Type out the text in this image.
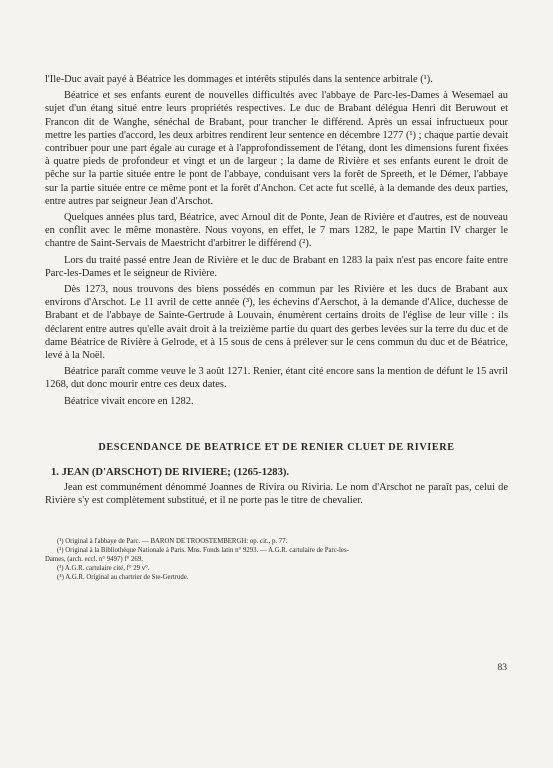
l'Ile-Duc avait payé à Béatrice les dommages et intérêts stipulés dans la sentence arbitrale (¹).

Béatrice et ses enfants eurent de nouvelles difficultés avec l'abbaye de Parc-les-Dames à Wesemael au sujet d'un étang situé entre leurs propriétés respectives. Le duc de Brabant délégua Henri dit Beruwout et Francon dit de Wanghe, sénéchal de Brabant, pour trancher le différend. Après un essai infructueux pour mettre les parties d'accord, les deux arbitres rendirent leur sentence en décembre 1277 (¹) ; chaque partie devait contribuer pour une part égale au curage et à l'approfondissement de l'étang, dont les dimensions furent fixées à quatre pieds de profondeur et vingt et un de largeur ; la dame de Rivière et ses enfants eurent le droit de pêche sur la partie située entre le pont de l'abbaye, conduisant vers la forêt de Spreeth, et le Démer, l'abbaye sur la partie située entre ce même pont et la forêt d'Anchon. Cet acte fut scellé, à la demande des deux parties, entre autres par seigneur Jean d'Arschot.

Quelques années plus tard, Béatrice, avec Arnoul dit de Ponte, Jean de Rivière et d'autres, est de nouveau en conflit avec le même monastère. Nous voyons, en effet, le 7 mars 1282, le pape Martin IV charger le chantre de Saint-Servais de Maestricht d'arbitrer le différend (²).

Lors du traité passé entre Jean de Rivière et le duc de Brabant en 1283 la paix n'est pas encore faite entre Parc-les-Dames et le seigneur de Rivière.

Dès 1273, nous trouvons des biens possédés en commun par les Rivière et les ducs de Brabant aux environs d'Arschot. Le 11 avril de cette année (³), les échevins d'Aerschot, à la demande d'Alice, duchesse de Brabant et de l'abbaye de Sainte-Gertrude à Louvain, énumèrent certains droits de l'église de leur ville : ils déclarent entre autres qu'elle avait droit à la treizième partie du quart des gerbes levées sur la terre du duc et de dame Béatrice de Rivière à Gelrode, et à 15 sous de cens à prélever sur le cens commun du duc et de Béatrice, levé à la Noël.

Béatrice paraît comme veuve le 3 août 1271. Renier, étant cité encore sans la mention de défunt le 15 avril 1268, dut donc mourir entre ces deux dates.

Béatrice vivait encore en 1282.

DESCENDANCE DE BEATRICE ET DE RENIER CLUET DE RIVIERE
1. JEAN (D'ARSCHOT) DE RIVIERE; (1265-1283).

Jean est communément dénommé Joannes de Rivira ou Riviria. Le nom d'Arschot ne paraît pas, celui de Rivière s'y est complètement substitué, et il ne porte pas le titre de chevalier.

(¹) Original à l'abbaye de Parc. — BARON DE TROOSTEMBERGH: op. cit., p. 77.

(²) Original à la Bibliothèque Nationale à Paris. Mns. Fonds latin n° 9293. — A.G.R. cartulaire de Parc-les-

Dames, (arch. eccl. n° 9497) f° 269.

(³) A.G.R. cartulaire cité, f° 29 v°.

(⁴) A.G.R. Original au chartrier de Ste-Gertrude.

83
